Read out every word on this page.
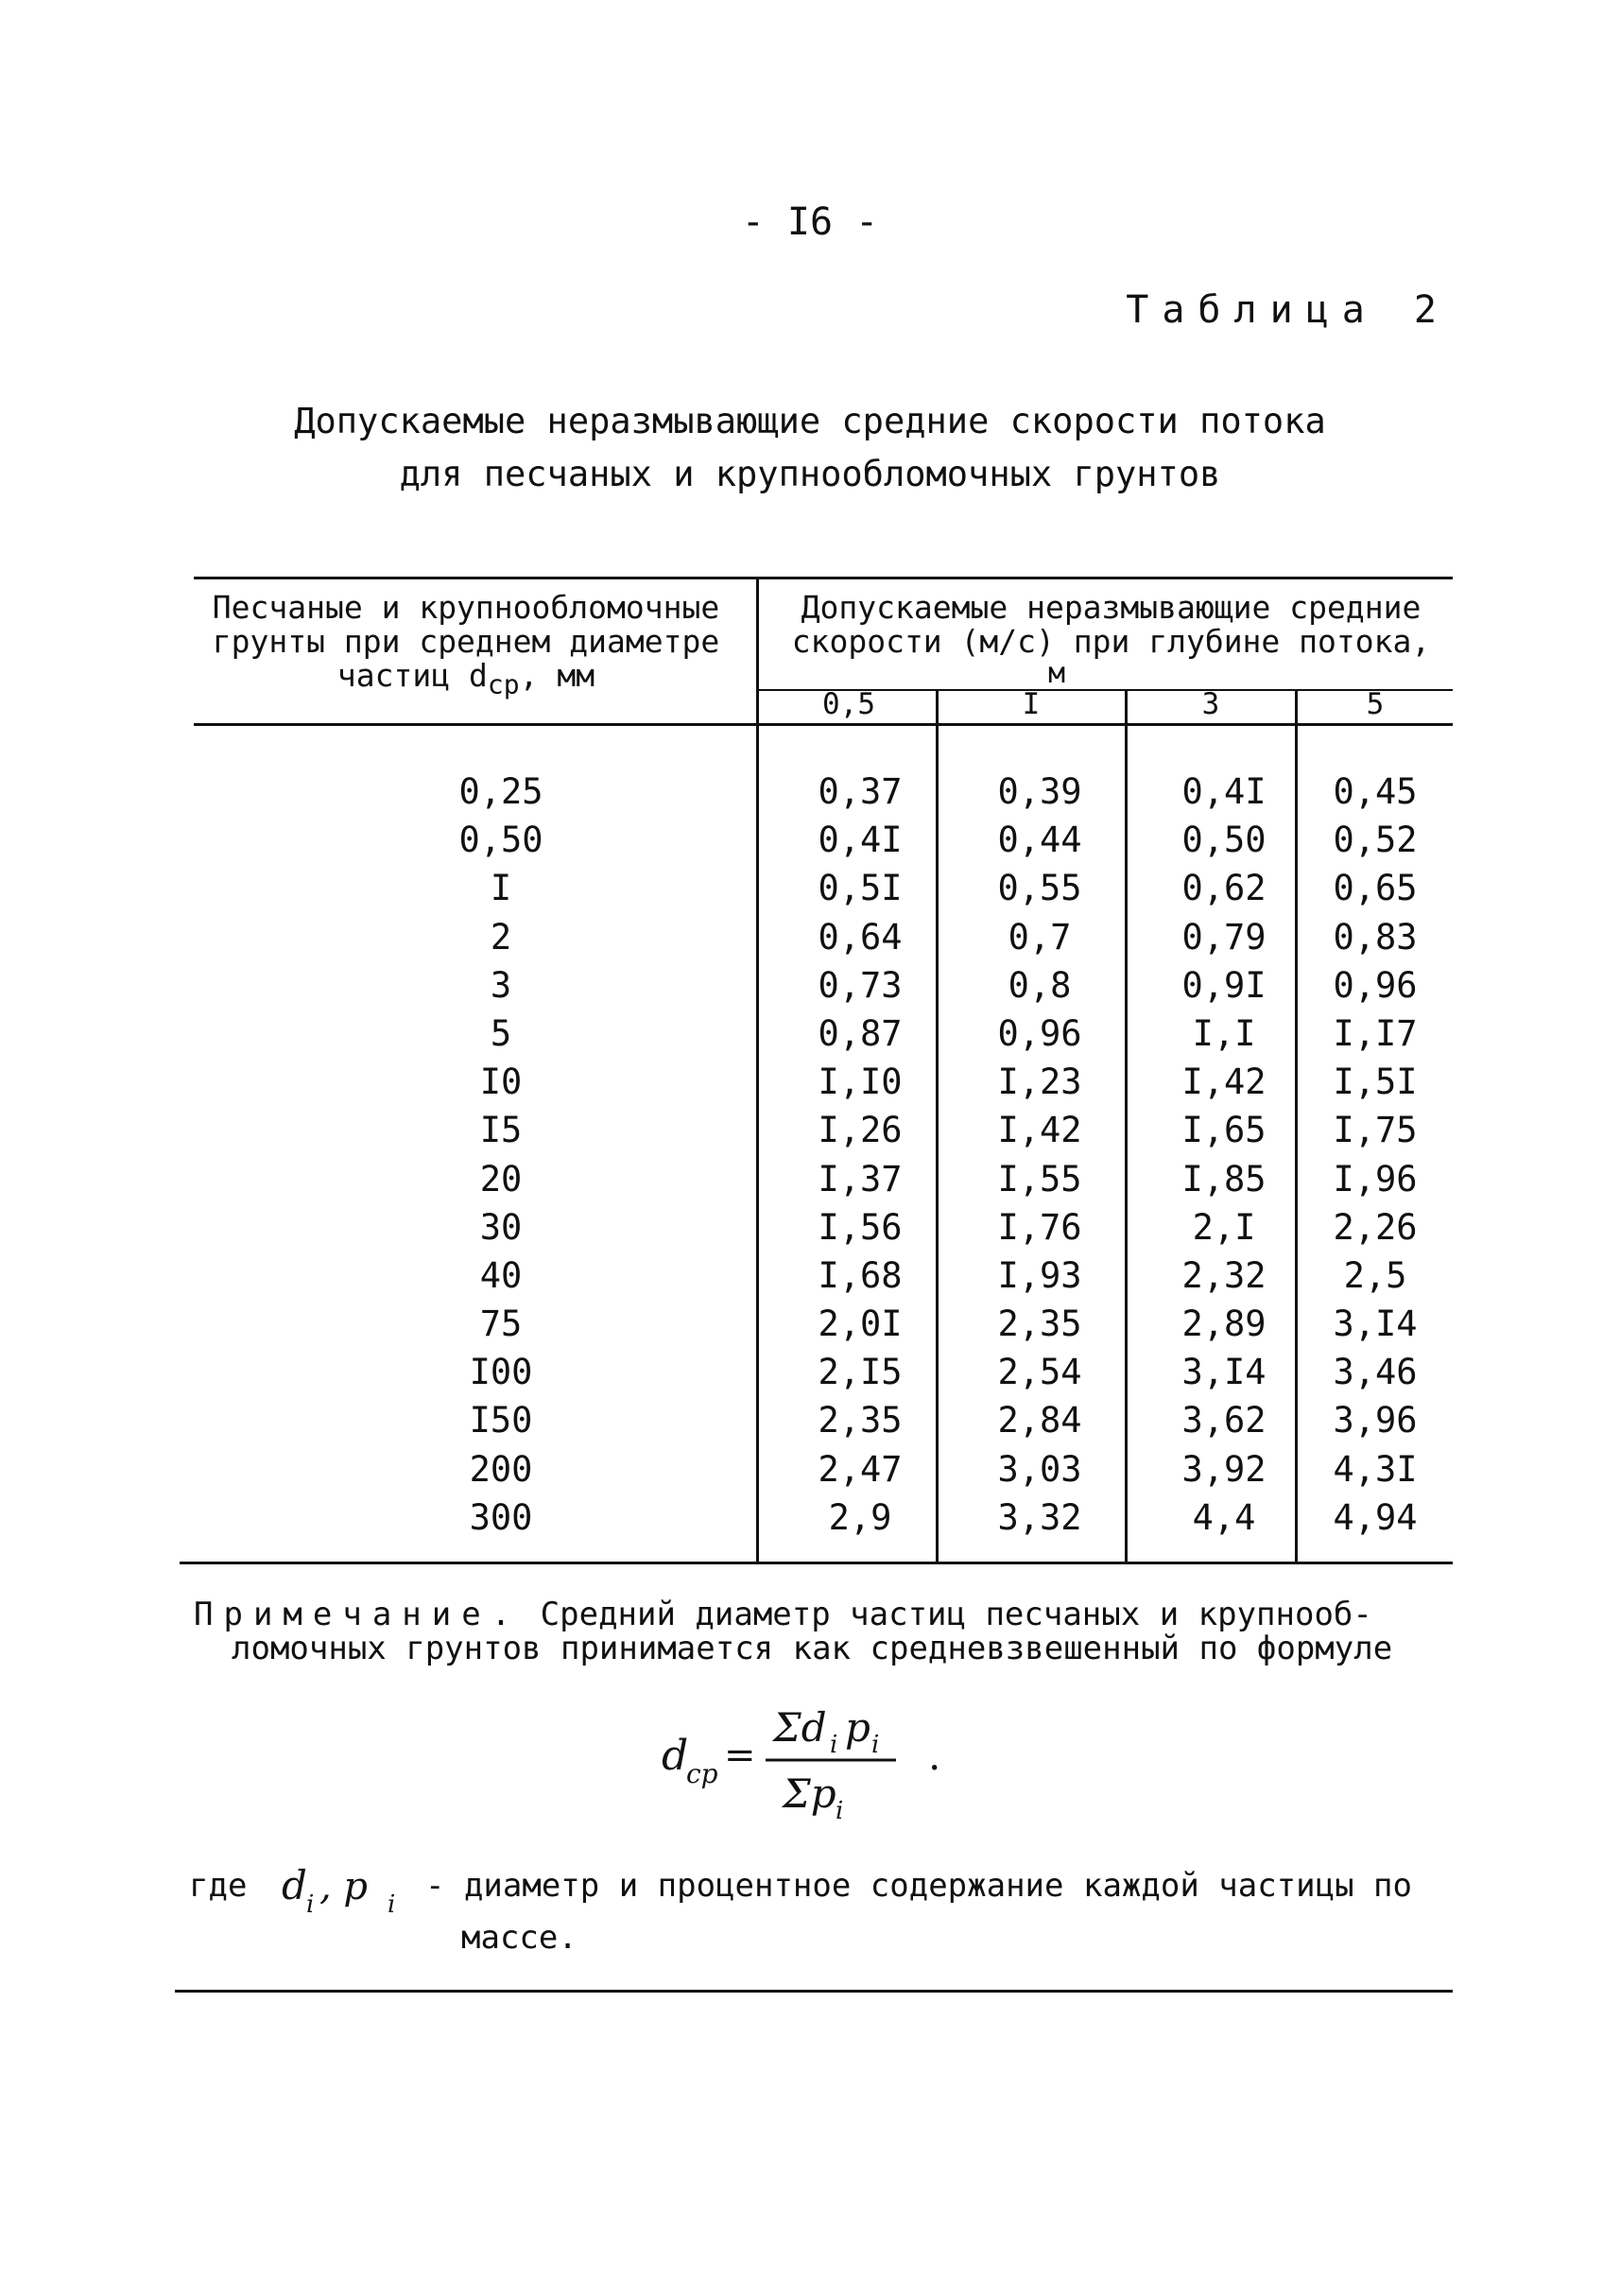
- I6 -
Таблица 2
Допускаемые неразмывающие средние скорости потока
для песчаных и крупнообломочных грунтов
Песчаные и крупнообломочные
грунты при среднем диаметре
частиц $d_{ср}$, мм
Допускаемые неразмывающие средние
скорости (м/с) при глубине потока,
м
0,5	I	3	5
0,25	0,37	0,39	0,4I	0,45
0,50	0,4I	0,44	0,50	0,52
I	0,5I	0,55	0,62	0,65
2	0,64	0,7	0,79	0,83
3	0,73	0,8	0,9I	0,96
5	0,87	0,96	I,I	I,I7
I0	I,I0	I,23	I,42	I,5I
I5	I,26	I,42	I,65	I,75
20	I,37	I,55	I,85	I,96
30	I,56	I,76	2,I	2,26
40	I,68	I,93	2,32	2,5
75	2,0I	2,35	2,89	3,I4
I00	2,I5	2,54	3,I4	3,46
I50	2,35	2,84	3,62	3,96
200	2,47	3,03	3,92	4,3I
300	2,9	3,32	4,4	4,94
Примечание. Средний диаметр частиц песчаных и крупнооб-
ломочных грунтов принимается как средневзвешенный по формуле
d
cp =
Σd i p i
Σp i
.
где d i , p i - диаметр и процентное содержание каждой частицы по
массе.
